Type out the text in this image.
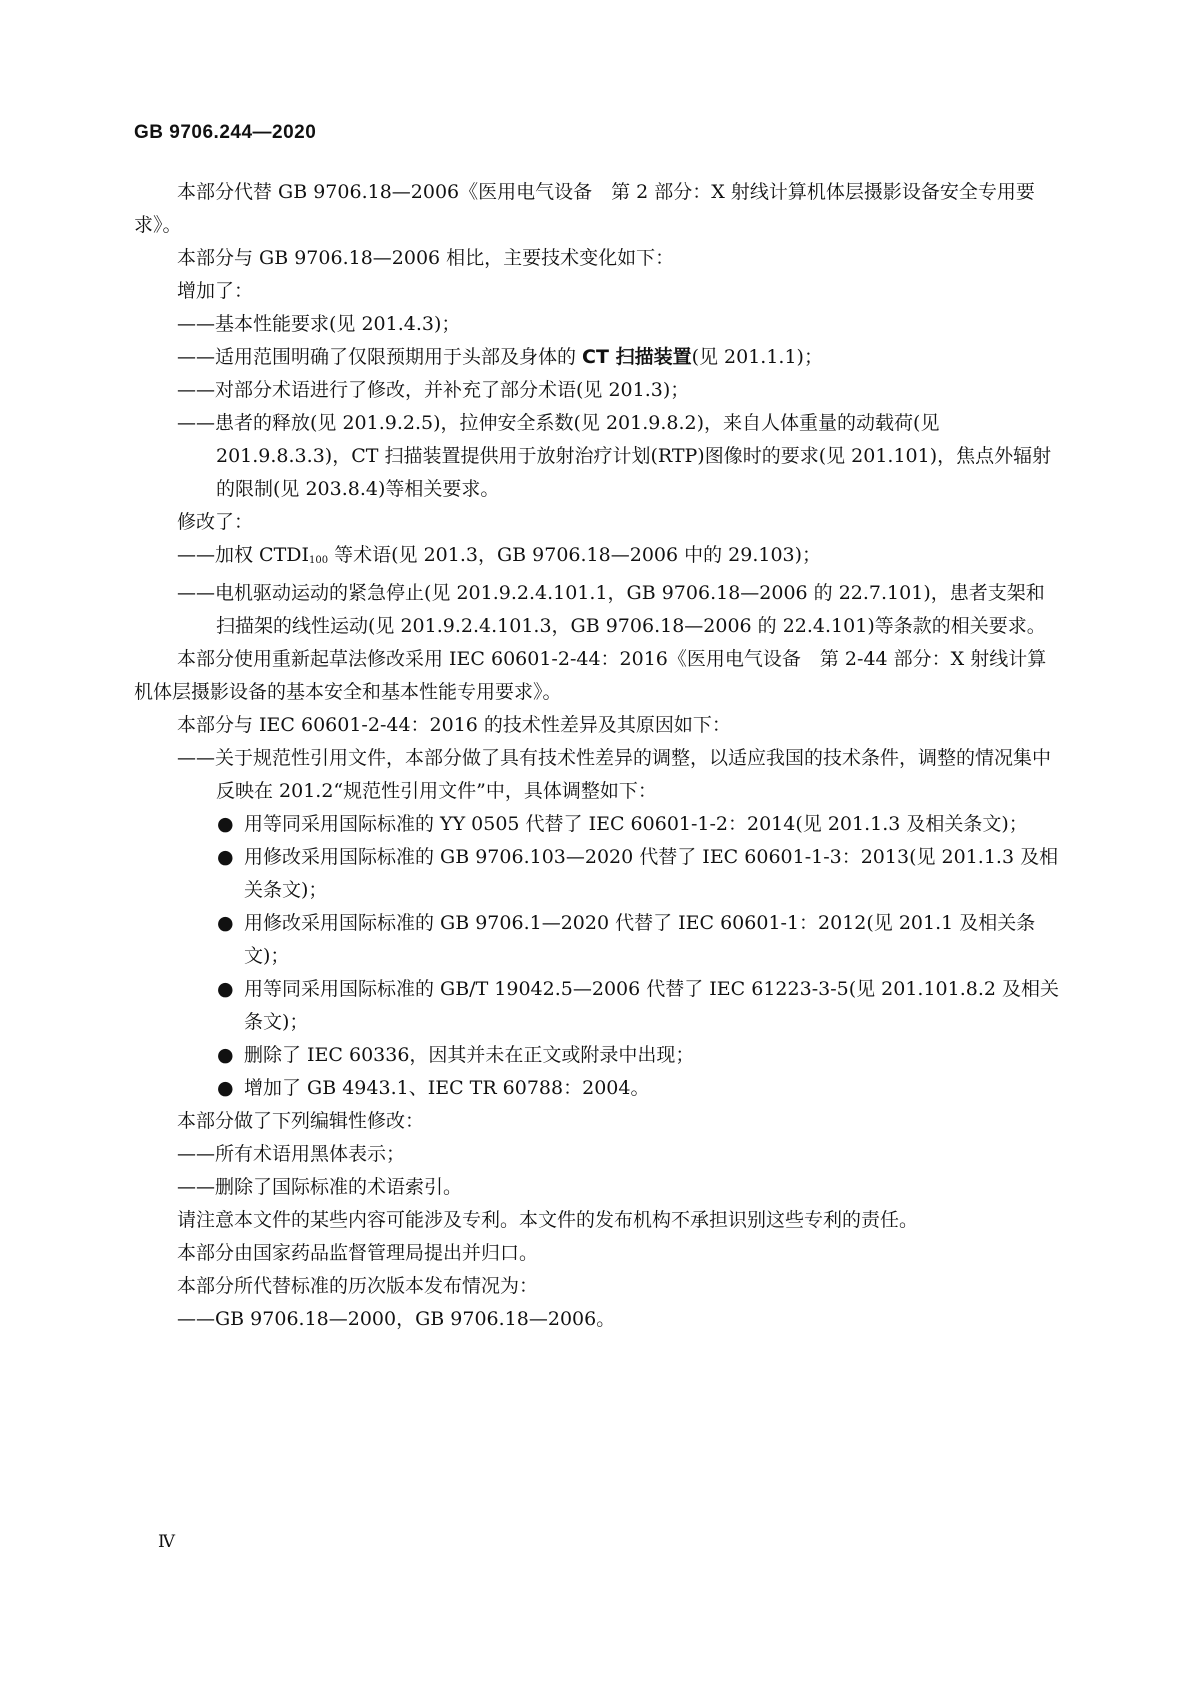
GB 9706.244—2020

本部分代替 GB 9706.18—2006《医用电气设备　第 2 部分：X 射线计算机体层摄影设备安全专用要求》。

本部分与 GB 9706.18—2006 相比，主要技术变化如下：

增加了：

——基本性能要求(见 201.4.3)；

——适用范围明确了仅限预期用于头部及身体的 CT 扫描装置(见 201.1.1)；

——对部分术语进行了修改，并补充了部分术语(见 201.3)；

——患者的释放(见 201.9.2.5)，拉伸安全系数(见 201.9.8.2)，来自人体重量的动载荷(见 201.9.8.3.3)，CT 扫描装置提供用于放射治疗计划(RTP)图像时的要求(见 201.101)，焦点外辐射的限制(见 203.8.4)等相关要求。

修改了：

——加权 $CTDI_{100}$ 等术语(见 201.3，GB 9706.18—2006 中的 29.103)；

——电机驱动运动的紧急停止(见 201.9.2.4.101.1，GB 9706.18—2006 的 22.7.101)，患者支架和扫描架的线性运动(见 201.9.2.4.101.3，GB 9706.18—2006 的 22.4.101)等条款的相关要求。

本部分使用重新起草法修改采用 IEC 60601-2-44：2016《医用电气设备　第 2-44 部分：X 射线计算机体层摄影设备的基本安全和基本性能专用要求》。

本部分与 IEC 60601-2-44：2016 的技术性差异及其原因如下：

——关于规范性引用文件，本部分做了具有技术性差异的调整，以适应我国的技术条件，调整的情况集中反映在 201.2“规范性引用文件”中，具体调整如下：

● 用等同采用国际标准的 YY 0505 代替了 IEC 60601-1-2：2014(见 201.1.3 及相关条文)；

● 用修改采用国际标准的 GB 9706.103—2020 代替了 IEC 60601-1-3：2013(见 201.1.3 及相关条文)；

● 用修改采用国际标准的 GB 9706.1—2020 代替了 IEC 60601-1：2012(见 201.1 及相关条文)；

● 用等同采用国际标准的 GB/T 19042.5—2006 代替了 IEC 61223-3-5(见 201.101.8.2 及相关条文)；

● 删除了 IEC 60336，因其并未在正文或附录中出现；

● 增加了 GB 4943.1、IEC TR 60788：2004。

本部分做了下列编辑性修改：

——所有术语用黑体表示；

——删除了国际标准的术语索引。

请注意本文件的某些内容可能涉及专利。本文件的发布机构不承担识别这些专利的责任。

本部分由国家药品监督管理局提出并归口。

本部分所代替标准的历次版本发布情况为：

——GB 9706.18—2000，GB 9706.18—2006。

Ⅳ
